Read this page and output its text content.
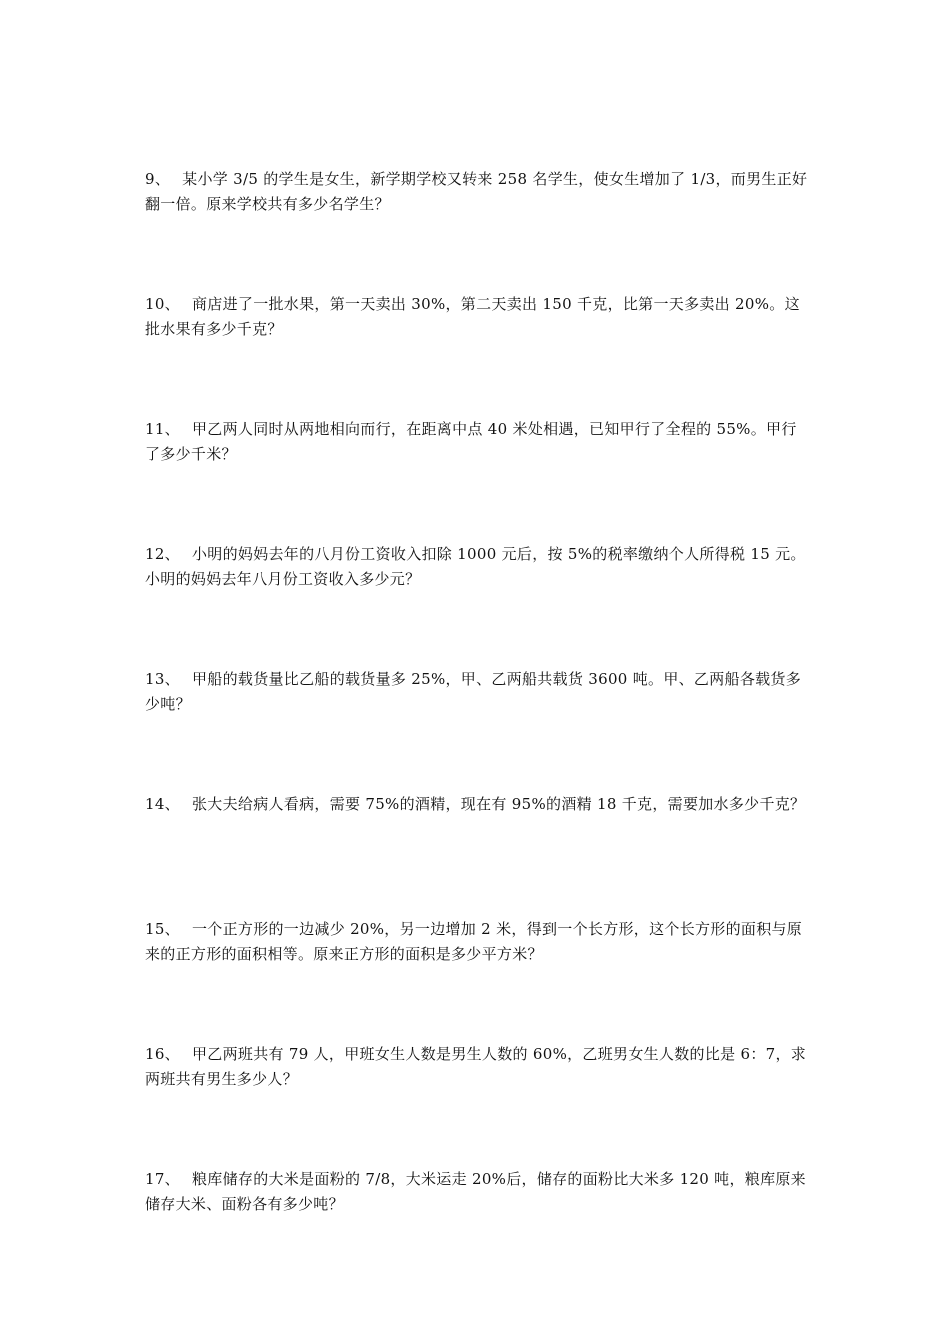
9、 某小学 3/5 的学生是女生，新学期学校又转来 258 名学生，使女生增加了 1/3，而男生正好翻一倍。原来学校共有多少名学生？

10、 商店进了一批水果，第一天卖出 30%，第二天卖出 150 千克，比第一天多卖出 20%。这批水果有多少千克？

11、 甲乙两人同时从两地相向而行，在距离中点 40 米处相遇，已知甲行了全程的 55%。甲行了多少千米？

12、 小明的妈妈去年的八月份工资收入扣除 1000 元后，按 5%的税率缴纳个人所得税 15 元。小明的妈妈去年八月份工资收入多少元？

13、 甲船的载货量比乙船的载货量多 25%，甲、乙两船共载货 3600 吨。甲、乙两船各载货多少吨？

14、 张大夫给病人看病，需要 75%的酒精，现在有 95%的酒精 18 千克，需要加水多少千克？

15、 一个正方形的一边减少 20%，另一边增加 2 米，得到一个长方形，这个长方形的面积与原来的正方形的面积相等。原来正方形的面积是多少平方米？

16、 甲乙两班共有 79 人，甲班女生人数是男生人数的 60%，乙班男女生人数的比是 6：7，求两班共有男生多少人？

17、 粮库储存的大米是面粉的 7/8，大米运走 20%后，储存的面粉比大米多 120 吨，粮库原来储存大米、面粉各有多少吨？
